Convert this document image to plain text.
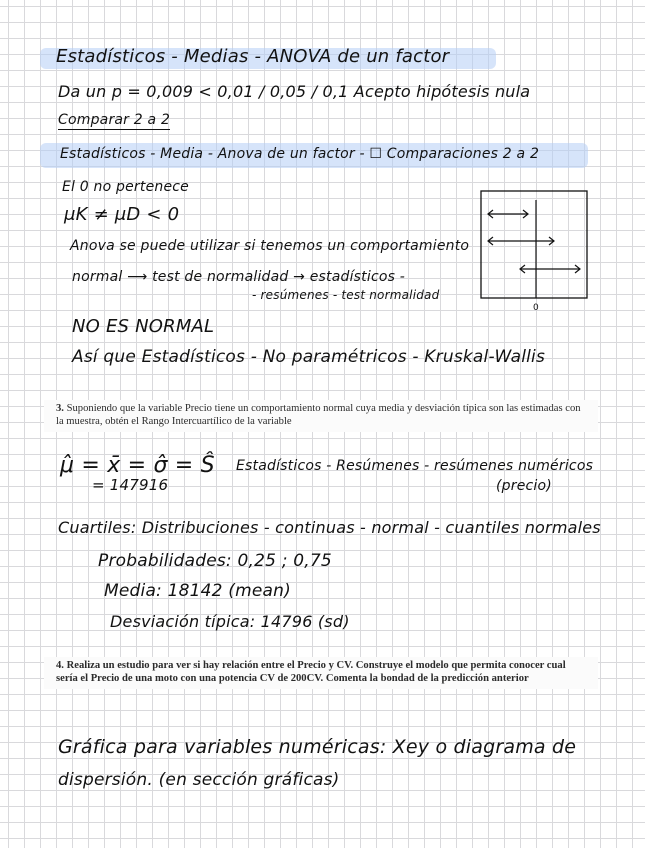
Estadísticos - Medias - ANOVA de un factor
Da un p = 0,009 < 0,01 / 0,05 / 0,1 Acepto hipótesis nula
Comparar 2 a 2
Estadísticos - Media - Anova de un factor - ☐ Comparaciones 2 a 2
El 0 no pertenece
μK ≠ μD < 0
Anova se puede utilizar si tenemos un comportamiento
normal ⟶ test de normalidad → estadísticos -
- resúmenes - test normalidad
NO ES NORMAL
Así que Estadísticos - No paramétricos - Kruskal-Wallis
0
3. Suponiendo que la variable Precio tiene un comportamiento normal cuya media y desviación típica son las estimadas con la muestra, obtén el Rango Intercuartílico de la variable
μ̂ = x̄ = σ̂ = Ŝ
= 147916
Estadísticos - Resúmenes - resúmenes numéricos
(precio)
Cuartiles: Distribuciones - continuas - normal - cuantiles normales
Probabilidades: 0,25 ; 0,75
Media: 18142 (mean)
Desviación típica: 14796 (sd)
4. Realiza un estudio para ver si hay relación entre el Precio y CV. Construye el modelo que permita conocer cual sería el Precio de una moto con una potencia CV de 200CV. Comenta la bondad de la predicción anterior
Gráfica para variables numéricas: Xey o diagrama de
dispersión. (en sección gráficas)
